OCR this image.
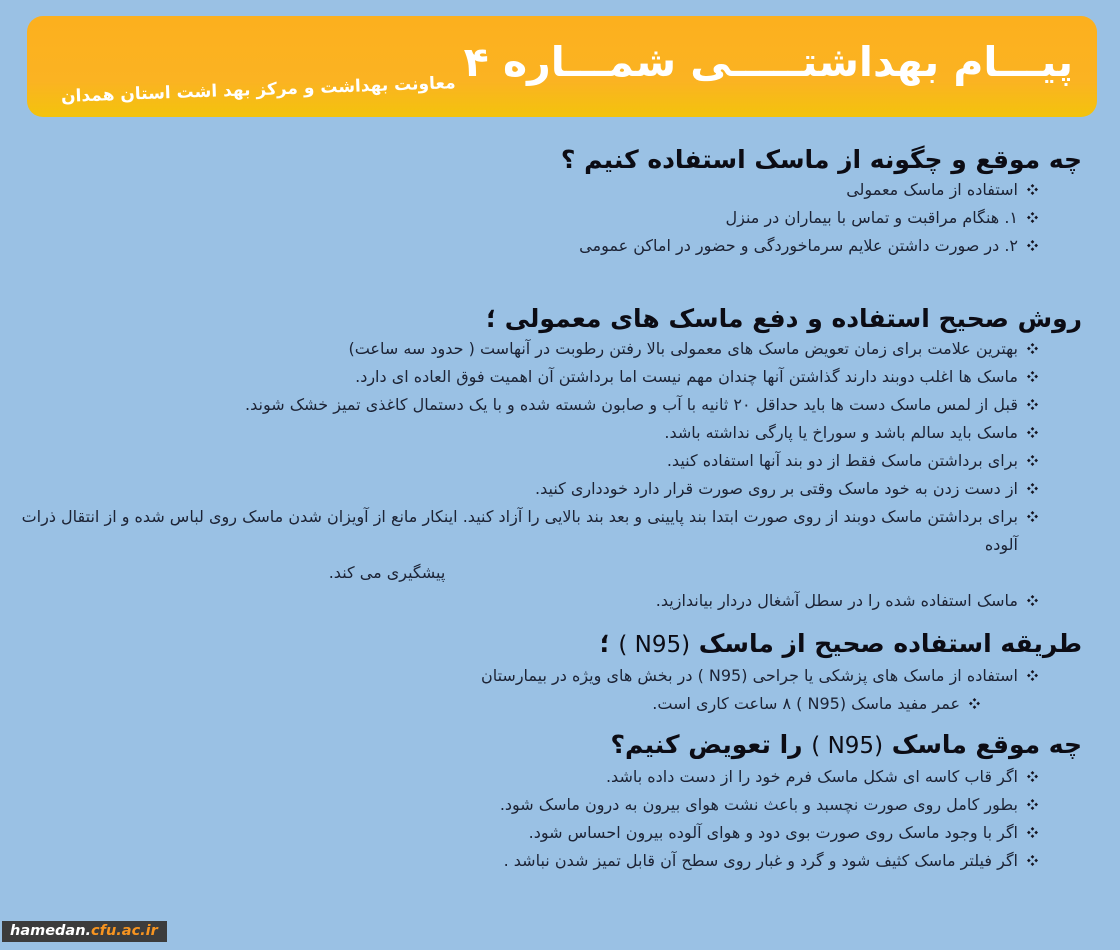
پیـــام بهداشتـــــی شمـــاره ۴
معاونت بهداشت و مرکز بهد اشت استان همدان
چه موقع و چگونه از ماسک استفاده کنیم ؟
استفاده از ماسک معمولی
۱. هنگام مراقبت و تماس با بیماران در منزل
۲. در صورت داشتن علایم سرماخوردگی و حضور در اماکن عمومی
روش صحیح استفاده و دفع ماسک های معمولی ؛
بهترین علامت برای زمان تعویض ماسک های معمولی بالا رفتن رطوبت در آنهاست ( حدود سه ساعت)
ماسک ها اغلب دوبند دارند گذاشتن آنها چندان مهم نیست اما برداشتن آن اهمیت فوق العاده ای دارد.
قبل از لمس ماسک دست ها باید حداقل ۲۰ ثانیه با آب و صابون شسته شده و با یک دستمال کاغذی تمیز خشک شوند.
ماسک باید سالم باشد و سوراخ یا پارگی نداشته باشد.
برای برداشتن ماسک فقط از دو بند آنها استفاده کنید.
از دست زدن به خود ماسک وقتی بر روی صورت قرار دارد خودداری کنید.
برای برداشتن ماسک دوبند از روی صورت ابتدا بند پایینی و بعد بند بالایی را آزاد کنید. اینکار مانع از آویزان شدن ماسک روی لباس شده و از انتقال ذرات آلوده
پیشگیری می کند.
ماسک استفاده شده را در سطل آشغال دردار بیاندازید.
طریقه استفاده صحیح از ماسک (N95 ) ؛
استفاده از ماسک های پزشکی یا جراحی (N95 ) در بخش های ویژه در بیمارستان
عمر مفید ماسک (N95 ) ۸ ساعت کاری است.
چه موقع ماسک (N95 ) را تعویض کنیم؟
اگر قاب کاسه ای شکل ماسک فرم خود را از دست داده باشد.
بطور کامل روی صورت نچسبد و باعث نشت هوای بیرون به درون ماسک شود.
اگر با وجود ماسک روی صورت بوی دود و هوای آلوده بیرون احساس شود.
اگر فیلتر ماسک کثیف شود و گرد و غبار روی سطح آن قابل تمیز شدن نباشد .
hamedan.cfu.ac.ir
